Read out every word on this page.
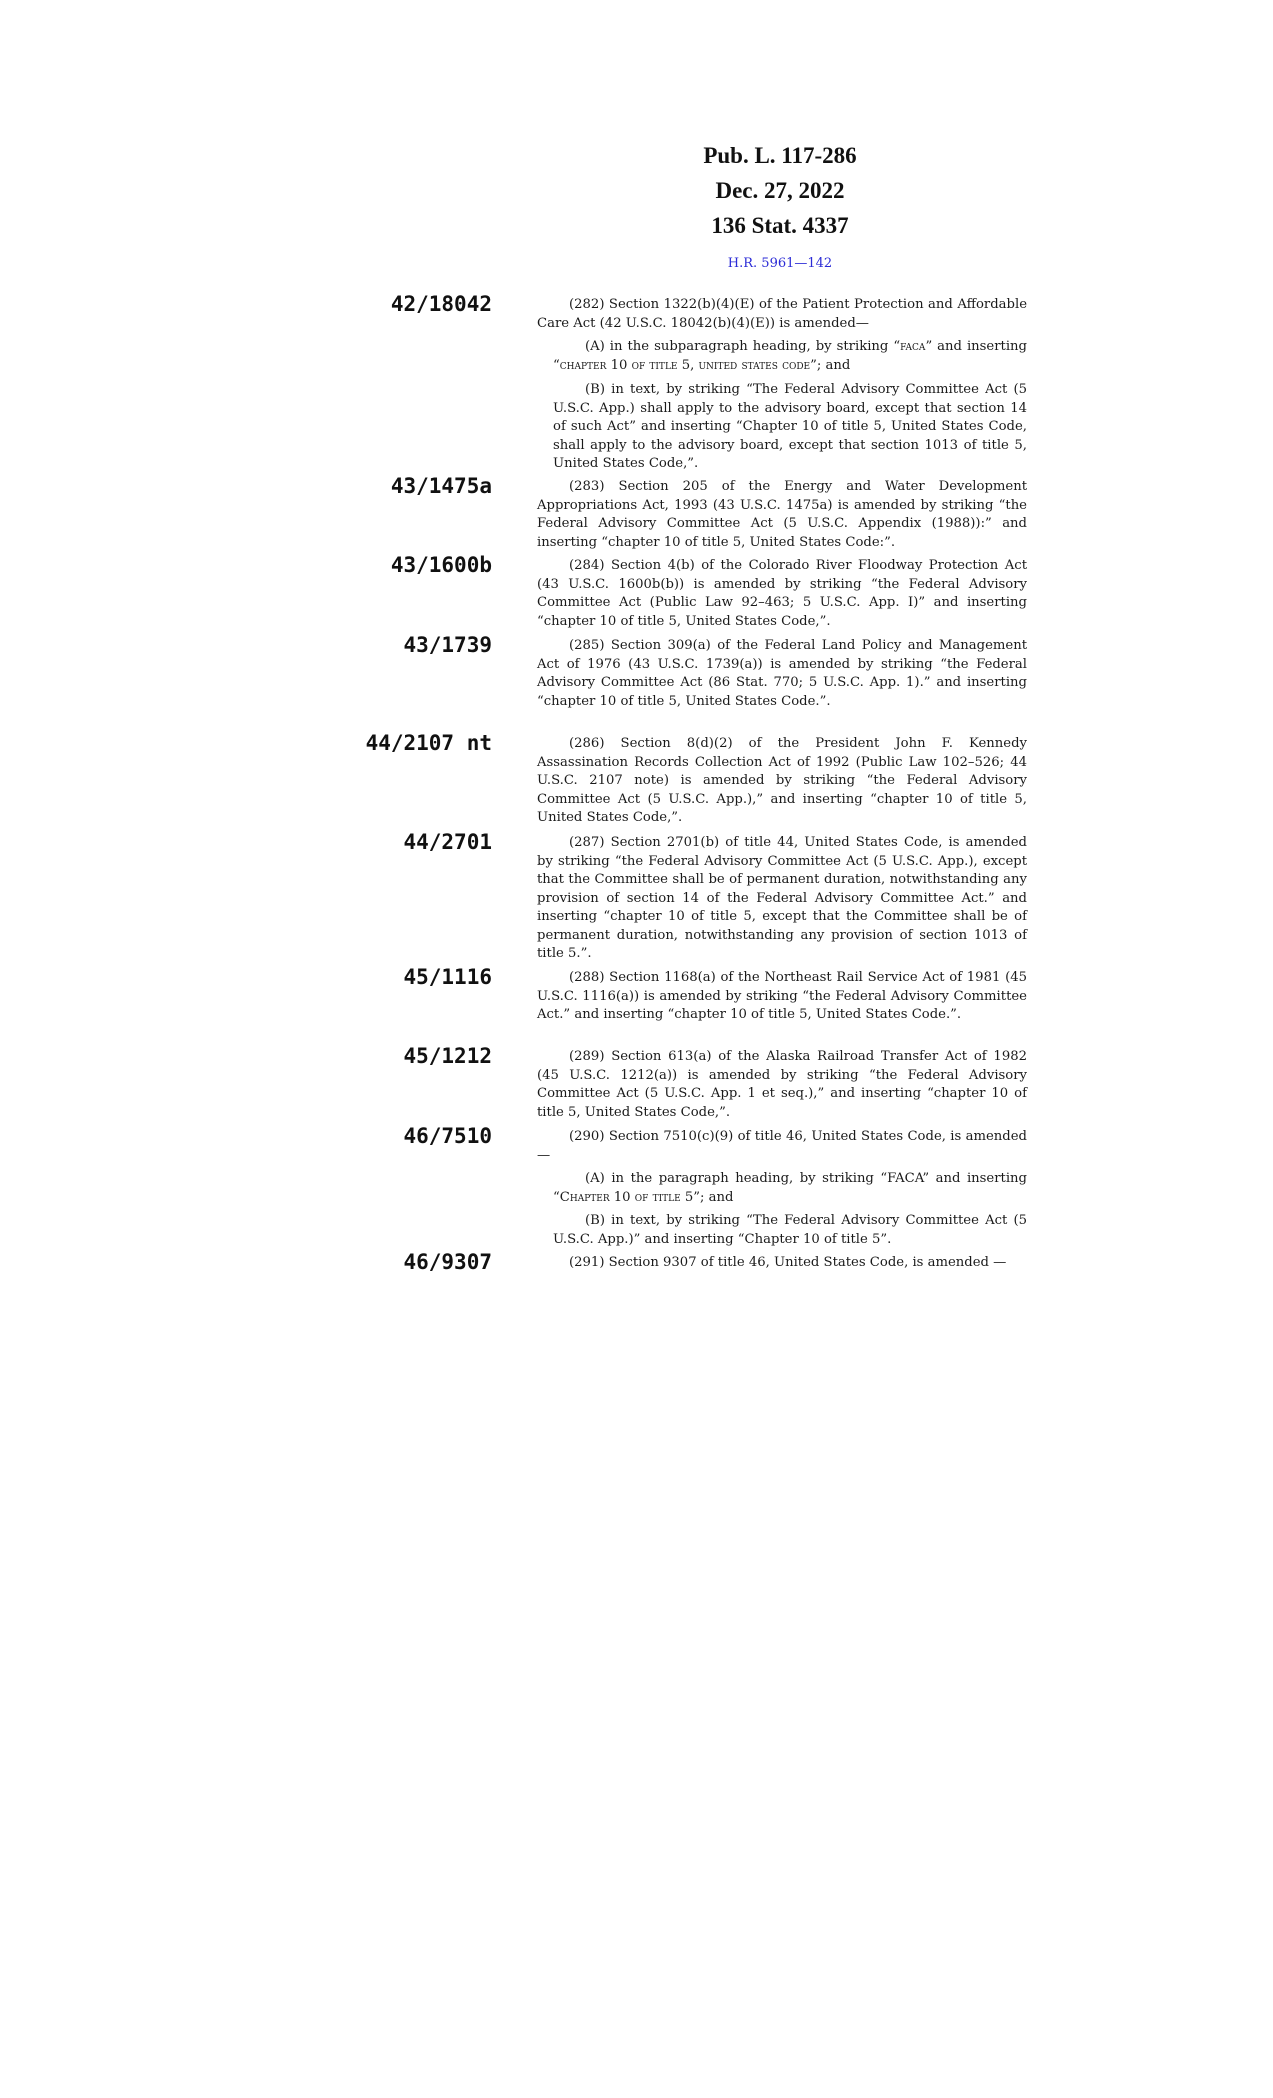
Pub. L. 117-286
Dec. 27, 2022
136 Stat. 4337
H.R. 5961—142
42/18042
43/1475a
43/1600b
43/1739
44/2107 nt
44/2701
45/1116
45/1212
46/7510
46/9307

(282) Section 1322(b)(4)(E) of the Patient Protection and Affordable Care Act (42 U.S.C. 18042(b)(4)(E)) is amended—

(A) in the subparagraph heading, by striking “faca” and inserting “chapter 10 of title 5, united states code”; and

(B) in text, by striking “The Federal Advisory Committee Act (5 U.S.C. App.) shall apply to the advisory board, except that section 14 of such Act” and inserting “Chapter 10 of title 5, United States Code, shall apply to the advisory board, except that section 1013 of title 5, United States Code,”.

(283) Section 205 of the Energy and Water Development Appropriations Act, 1993 (43 U.S.C. 1475a) is amended by striking “the Federal Advisory Committee Act (5 U.S.C. Appendix (1988)):” and inserting “chapter 10 of title 5, United States Code:”.

(284) Section 4(b) of the Colorado River Floodway Protection Act (43 U.S.C. 1600b(b)) is amended by striking “the Federal Advisory Committee Act (Public Law 92–463; 5 U.S.C. App. I)” and inserting “chapter 10 of title 5, United States Code,”.

(285) Section 309(a) of the Federal Land Policy and Management Act of 1976 (43 U.S.C. 1739(a)) is amended by striking “the Federal Advisory Committee Act (86 Stat. 770; 5 U.S.C. App. 1).” and inserting “chapter 10 of title 5, United States Code.”.

(286) Section 8(d)(2) of the President John F. Kennedy Assassination Records Collection Act of 1992 (Public Law 102–526; 44 U.S.C. 2107 note) is amended by striking “the Federal Advisory Committee Act (5 U.S.C. App.),” and inserting “chapter 10 of title 5, United States Code,”.

(287) Section 2701(b) of title 44, United States Code, is amended by striking “the Federal Advisory Committee Act (5 U.S.C. App.), except that the Committee shall be of permanent duration, notwithstanding any provision of section 14 of the Federal Advisory Committee Act.” and inserting “chapter 10 of title 5, except that the Committee shall be of permanent duration, notwithstanding any provision of section 1013 of title 5.”.

(288) Section 1168(a) of the Northeast Rail Service Act of 1981 (45 U.S.C. 1116(a)) is amended by striking “the Federal Advisory Committee Act.” and inserting “chapter 10 of title 5, United States Code.”.

(289) Section 613(a) of the Alaska Railroad Transfer Act of 1982 (45 U.S.C. 1212(a)) is amended by striking “the Federal Advisory Committee Act (5 U.S.C. App. 1 et seq.),” and inserting “chapter 10 of title 5, United States Code,”.

(290) Section 7510(c)(9) of title 46, United States Code, is amended—

(A) in the paragraph heading, by striking “FACA” and inserting “Chapter 10 of title 5”; and

(B) in text, by striking “The Federal Advisory Committee Act (5 U.S.C. App.)” and inserting “Chapter 10 of title 5”.

(291) Section 9307 of title 46, United States Code, is amended —
